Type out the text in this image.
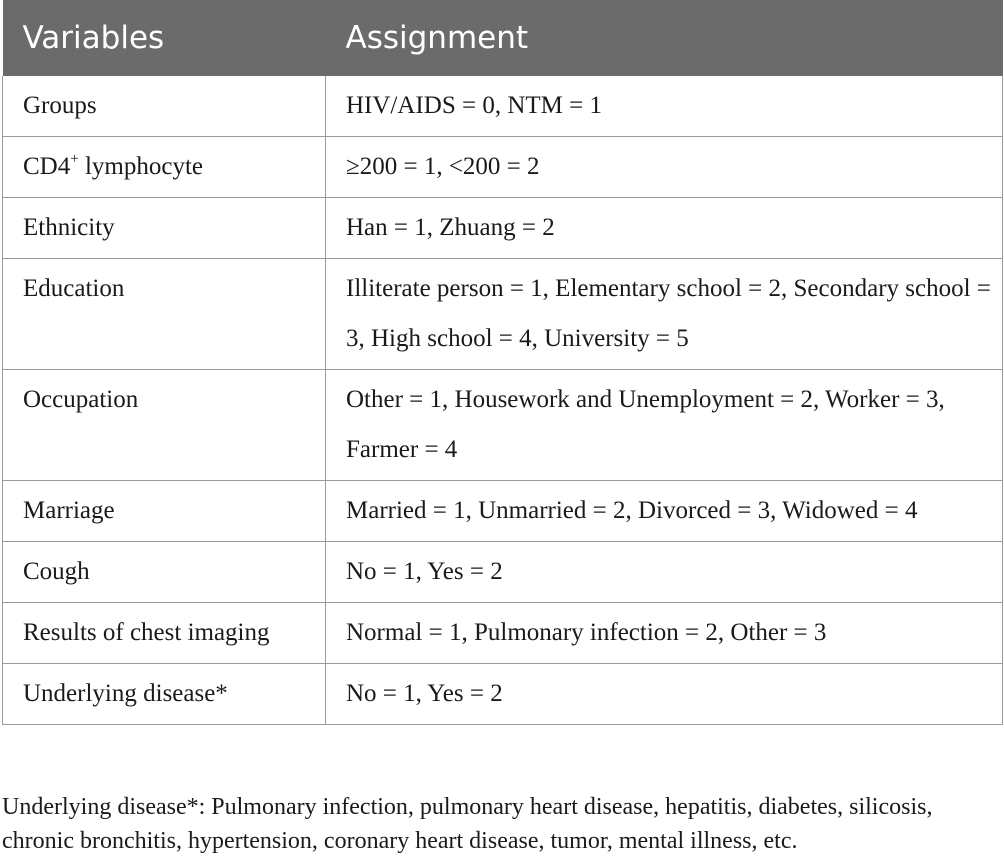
Variables	Assignment
Groups	HIV/AIDS = 0, NTM = 1
CD4+ lymphocyte	≥200 = 1, <200 = 2
Ethnicity	Han = 1, Zhuang = 2
Education	Illiterate person = 1, Elementary school = 2, Secondary school = 3, High school = 4, University = 5
Occupation	Other = 1, Housework and Unemployment = 2, Worker = 3, Farmer = 4
Marriage	Married = 1, Unmarried = 2, Divorced = 3, Widowed = 4
Cough	No = 1, Yes = 2
Results of chest imaging	Normal = 1, Pulmonary infection = 2, Other = 3
Underlying disease*	No = 1, Yes = 2
Underlying disease*: Pulmonary infection, pulmonary heart disease, hepatitis, diabetes, silicosis, chronic bronchitis, hypertension, coronary heart disease, tumor, mental illness, etc.
